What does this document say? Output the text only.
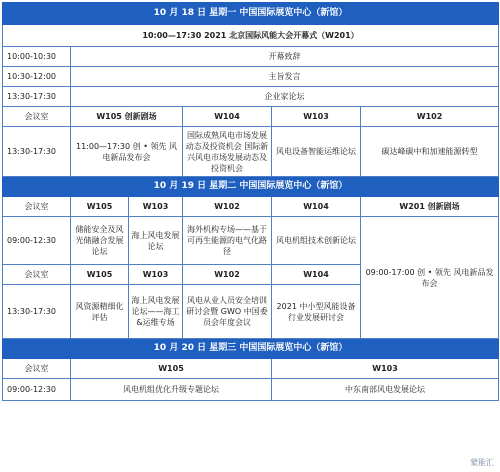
10 月 18 日 星期一 中国国际展览中心（新馆）					
10:00—17:30 2021 北京国际风能大会开幕式（W201）					
10:00-10:30	开幕致辞				
10:30-12:00	主旨发言				
13:30-17:30	企业家论坛				
会议室	W105 创新剧场		W104	W103	W102
13:30-17:30	11:00—17:30 创 • 领先 风电新品发布会		国际成熟风电市场发展动态及投资机会 国际新兴风电市场发展动态及投资机会	风电设备智能运维论坛	碳达峰碳中和加速能源转型
10 月 19 日 星期二 中国国际展览中心（新馆）					
会议室	W105	W103	W102	W104	W201 创新剧场
09:00-12:30	储能安全及风光储融合发展论坛	海上风电发展论坛	海外机构专场——基于可再生能源的电气化路径	风电机组技术创新论坛	09:00-17:00 创 • 领先 风电新品发布会
会议室	W105	W103	W102	W104	
13:30-17:30	风资源精细化评估	海上风电发展论坛——海工&运维专场	风电从业人员安全培训研讨会暨 GWO 中国委员会年度会议	2021 中小型风能设备行业发展研讨会	
10 月 20 日 星期三 中国国际展览中心（新馆）					
会议室	W105			W103	
09:00-12:30	风电机组优化升级专题论坛			中东南部风电发展论坛	
蒙能汇
